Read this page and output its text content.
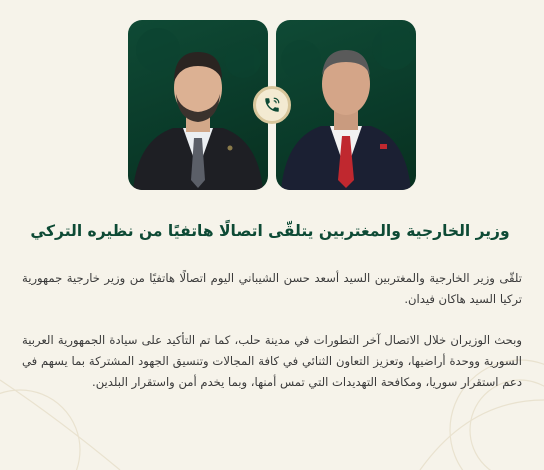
وزير الخارجية والمغتربين يتلقّى اتصالًا هاتفيًا من نظيره التركي
تلقّى وزير الخارجية والمغتربين السيد أسعد حسن الشيباني اليوم اتصالًا هاتفيًا من وزير خارجية جمهورية تركيا السيد هاكان فيدان.
وبحث الوزيران خلال الاتصال آخر التطورات في مدينة حلب، كما تم التأكيد على سيادة الجمهورية العربية السورية ووحدة أراضيها، وتعزيز التعاون الثنائي في كافة المجالات وتنسيق الجهود المشتركة بما يسهم في دعم استقرار سوريا، ومكافحة التهديدات التي تمس أمنها، وبما يخدم أمن واستقرار البلدين.
